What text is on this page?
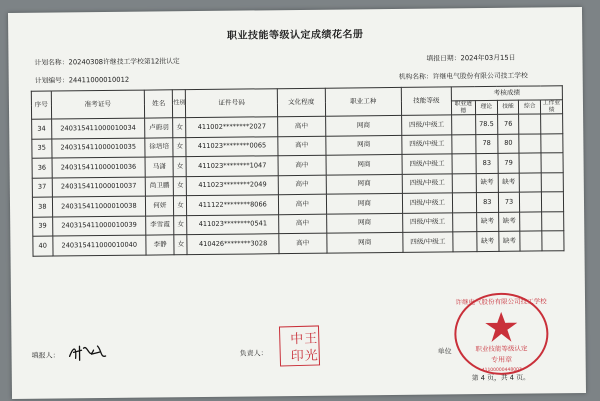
职业技能等级认定成绩花名册
计划名称：20240308许继技工学校第12批认定	填报日期：2024年03月15日
计划编号：24411000010012	机构名称：许继电气股份有限公司技工学校
序号	准考证号	姓名	性别	证件号码	文化程度	职业工种	技能等级	考核成绩				
								职业道德	理论	技能	综合	工作业绩
34	240315411000010034	卢蔚羽	女	411002********2027	高中	网商	四级/中级工		78.5	76		
35	240315411000010035	徐培培	女	411023********0065	高中	网商	四级/中级工		78	80		
36	240315411000010036	马潇	女	411023********1047	高中	网商	四级/中级工		83	79		
37	240315411000010037	尚卫鹏	女	411023********2049	高中	网商	四级/中级工		缺考	缺考		
38	240315411000010038	何妍	女	411122********8066	高中	网商	四级/中级工		83	73		
39	240315411000010039	李雪霞	女	411023********0541	高中	网商	四级/中级工		缺考	缺考		
40	240315411000010040	李静	女	410426********3028	高中	网商	四级/中级工		缺考	缺考		
填报人：	负责人：
中 王
印 光	单位
许继电气股份有限公司技工学校
职业技能等级认定
专用章
41100000448003
第 4 页，共 4 页。
